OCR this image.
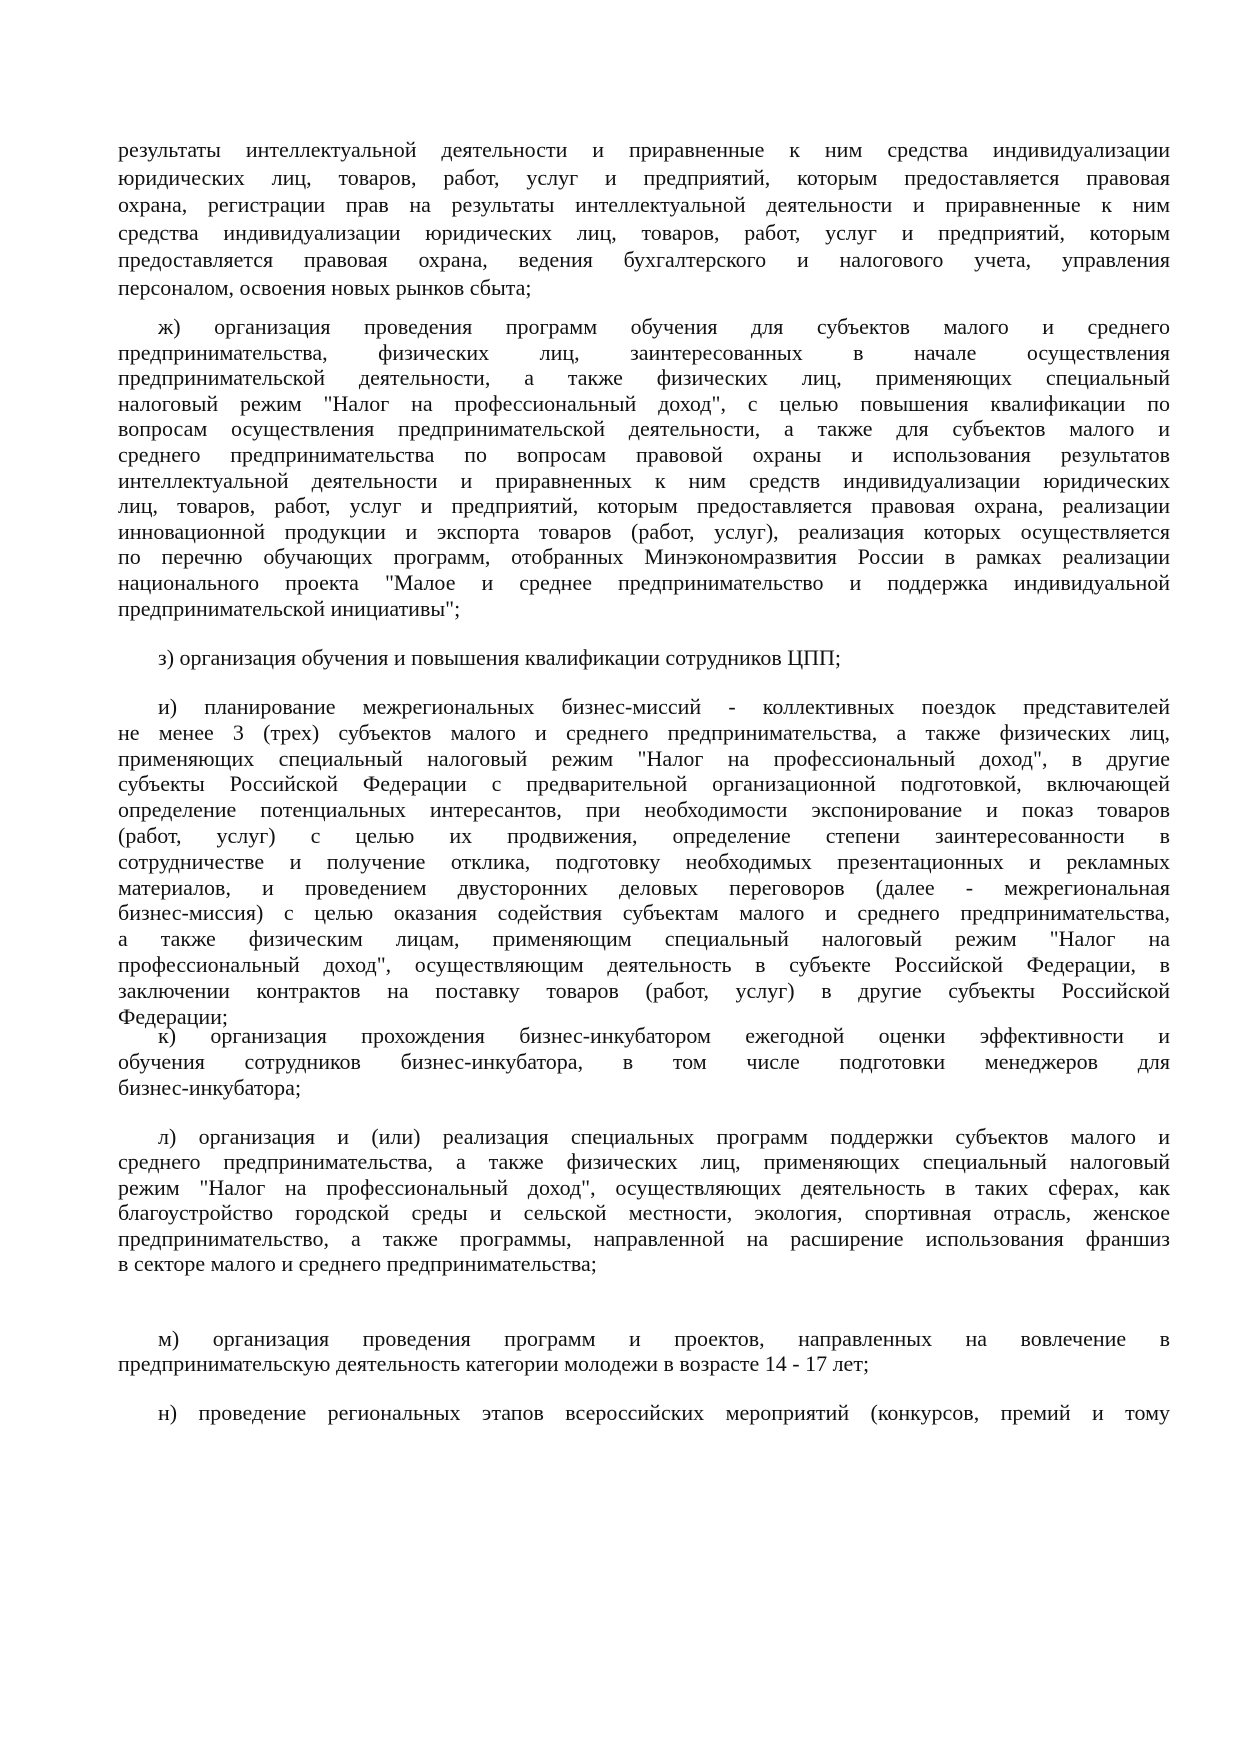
результаты интеллектуальной деятельности и приравненные к ним средства индивидуализации
юридических лиц, товаров, работ, услуг и предприятий, которым предоставляется правовая
охрана, регистрации прав на результаты интеллектуальной деятельности и приравненные к ним
средства индивидуализации юридических лиц, товаров, работ, услуг и предприятий, которым
предоставляется правовая охрана, ведения бухгалтерского и налогового учета, управления
персоналом, освоения новых рынков сбыта;
ж) организация проведения программ обучения для субъектов малого и среднего
предпринимательства, физических лиц, заинтересованных в начале осуществления
предпринимательской деятельности, а также физических лиц, применяющих специальный
налоговый режим "Налог на профессиональный доход", с целью повышения квалификации по
вопросам осуществления предпринимательской деятельности, а также для субъектов малого и
среднего предпринимательства по вопросам правовой охраны и использования результатов
интеллектуальной деятельности и приравненных к ним средств индивидуализации юридических
лиц, товаров, работ, услуг и предприятий, которым предоставляется правовая охрана, реализации
инновационной продукции и экспорта товаров (работ, услуг), реализация которых осуществляется
по перечню обучающих программ, отобранных Минэкономразвития России в рамках реализации
национального проекта "Малое и среднее предпринимательство и поддержка индивидуальной
предпринимательской инициативы";
з) организация обучения и повышения квалификации сотрудников ЦПП;
и) планирование межрегиональных бизнес-миссий - коллективных поездок представителей
не менее 3 (трех) субъектов малого и среднего предпринимательства, а также физических лиц,
применяющих специальный налоговый режим "Налог на профессиональный доход", в другие
субъекты Российской Федерации с предварительной организационной подготовкой, включающей
определение потенциальных интересантов, при необходимости экспонирование и показ товаров
(работ, услуг) с целью их продвижения, определение степени заинтересованности в
сотрудничестве и получение отклика, подготовку необходимых презентационных и рекламных
материалов, и проведением двусторонних деловых переговоров (далее - межрегиональная
бизнес-миссия) с целью оказания содействия субъектам малого и среднего предпринимательства,
а также физическим лицам, применяющим специальный налоговый режим "Налог на
профессиональный доход", осуществляющим деятельность в субъекте Российской Федерации, в
заключении контрактов на поставку товаров (работ, услуг) в другие субъекты Российской
Федерации;
к) организация прохождения бизнес-инкубатором ежегодной оценки эффективности и
обучения сотрудников бизнес-инкубатора, в том числе подготовки менеджеров для
бизнес-инкубатора;
л) организация и (или) реализация специальных программ поддержки субъектов малого и
среднего предпринимательства, а также физических лиц, применяющих специальный налоговый
режим "Налог на профессиональный доход", осуществляющих деятельность в таких сферах, как
благоустройство городской среды и сельской местности, экология, спортивная отрасль, женское
предпринимательство, а также программы, направленной на расширение использования франшиз
в секторе малого и среднего предпринимательства;
м) организация проведения программ и проектов, направленных на вовлечение в
предпринимательскую деятельность категории молодежи в возрасте 14 - 17 лет;
н) проведение региональных этапов всероссийских мероприятий (конкурсов, премий и тому
